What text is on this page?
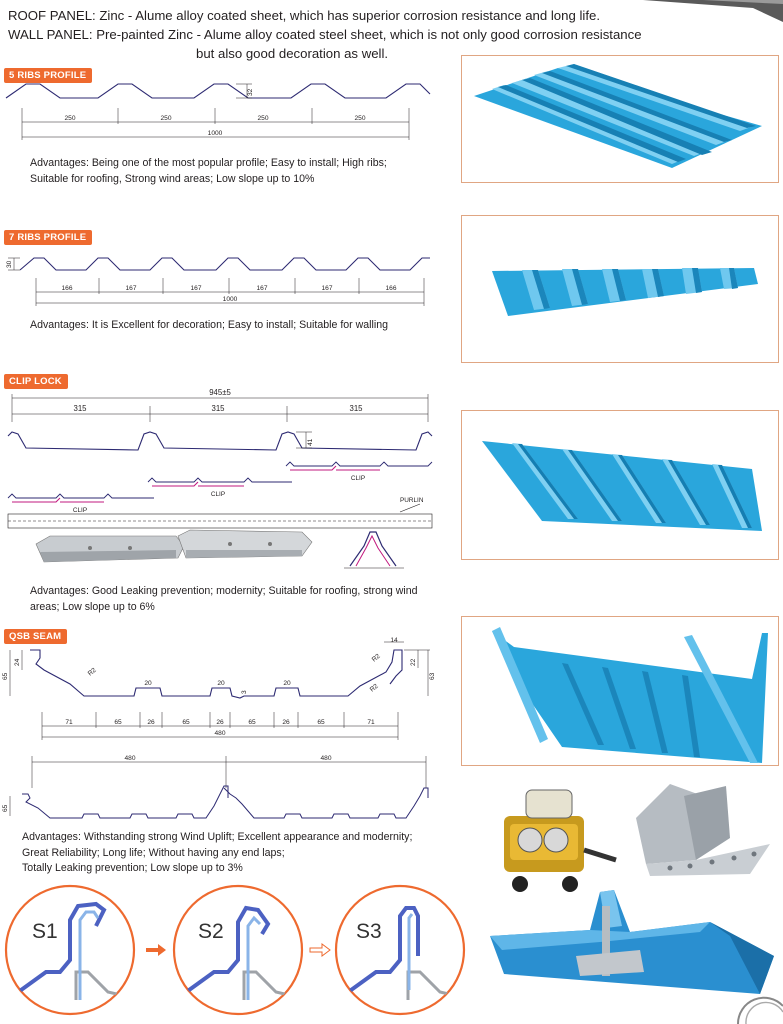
ROOF PANEL: Zinc - Alume alloy coated sheet, which has superior corrosion resistance and long life.
WALL PANEL: Pre-painted Zinc - Alume alloy coated steel sheet, which is not only good corrosion resistance
but also good decoration as well.
5 RIBS PROFILE
32
250	250	250	250
1000
Advantages: Being one of the most popular profile; Easy to install; High ribs;
Suitable for roofing, Strong wind areas; Low slope up to 10%
7 RIBS PROFILE
30
166	167	167	167	167	166
1000
Advantages: It is Excellent for decoration; Easy to install; Suitable for walling
CLIP LOCK
945±5
315	315	315
41
CLIP
CLIP
CLIP
PURLIN
Advantages: Good Leaking prevention; modernity; Suitable for roofing, strong wind
areas; Low slope up to 6%
QSB SEAM
65
24
R2
20	20	20
3
14
22
R2
R2
63
71	65	26	65	26	65	26	65	71
480
480	480
65
Advantages: Withstanding strong Wind Uplift; Excellent appearance and modernity;
Great Reliability; Long life; Without having any end laps;
Totally Leaking prevention; Low slope up to 3%
S1	S2	S3
